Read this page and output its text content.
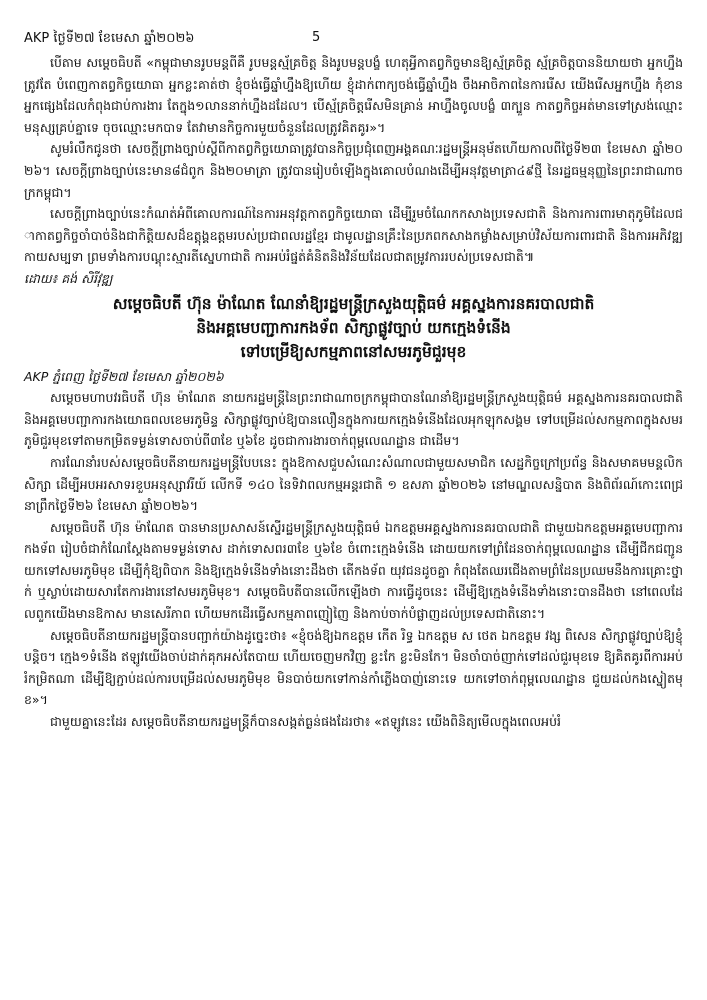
AKP ថ្ងៃទី២៧ ខែមេសា ឆ្នាំ២០២៦	5

បើតាម សម្តេចធិបតី «កម្ពុជាមានរូបមន្តពីគឺ រូបមន្តស្ម័គ្រចិត្ត និងរូបមន្តបង្ខំ ហេតុអ្វីកាតព្វកិច្ចមានឱ្យស្ម័គ្រចិត្ត ស្ម័គ្រចិត្តបាននិយាយថា អ្នកហ្នឹងត្រូវតែ បំពេញកាតព្វកិច្ចយោធា អ្នកខ្លះគាត់ថា ខ្ញុំចង់ធ្វើឆ្នាំហ្នឹងឱ្យហើយ ខ្ញុំដាក់ពាក្យចង់ធ្វើឆ្នាំហ្នឹង ចឹងអាចិភាពនៃការរើស យើងរើសអ្នកហ្នឹង កុំខានអ្នកផ្សេងដែលកំពុងជាប់ការងារ តែក្នុង១លាននាក់ហ្នឹងដដែល។ បើស្ម័គ្រចិត្តរើសមិនគ្រាន់ អាហ្នឹងចូលបង្ខំ ៣ក្បួន កាតព្វកិច្ចអត់មានទៅស្រង់ឈ្មោះមនុស្សគ្រប់គ្នាទេ ចុចឈ្មោះមកបាទ តែវាមានកិច្ចការមួយចំនួនដែលត្រូវគិតគូរ»។

សូមរំលឹកជូនថា សេចក្តីព្រាងច្បាប់ស្តីពីកាតព្វកិច្ចយោធាត្រូវបានកិច្ចប្រជុំពេញអង្គគណៈរដ្ឋមន្ត្រីអនុម័តហើយកាលពីថ្ងៃទី២៣ ខែមេសា ឆ្នាំ២០២៦។ សេចក្តីព្រាងច្បាប់នេះមាន៨ជំពូក និង២០មាត្រា ត្រូវបានរៀបចំឡើងក្នុងគោលបំណងដើម្បីអនុវត្តមាត្រា៤៩ថ្មី នៃរដ្ឋធម្មនុញ្ញនៃព្រះរាជាណាចក្រកម្ពុជា។

សេចក្តីព្រាងច្បាប់នេះកំណត់អំពីគោលការណ៍នៃការអនុវត្តកាតព្វកិច្ចយោធា ដើម្បីរួមចំណែកកសាងប្រទេសជាតិ និងការការពារមាតុភូមិដែលជាកាតព្វកិច្ចចាំបាច់និងជាកិត្តិយសដ៏ឧត្តុង្គឧត្តមរបស់ប្រជាពលរដ្ឋខ្មែរ ជាមូលដ្ឋានគ្រឹះនៃប្រភពកសាងកម្លាំងសម្រាប់វិស័យការពារជាតិ និងការអភិវឌ្ឍកាយសម្បទា ព្រមទាំងការបណ្តុះស្មារតីស្នេហាជាតិ ការអប់រំផ្នត់គំនិតនិងវិន័យដែលជាតម្រូវការរបស់ប្រទេសជាតិ៕

ដោយ៖ គង់ សិរីវុឌ្ឍ

សម្តេចធិបតី ហ៊ុន ម៉ាណែត ណែនាំឱ្យរដ្ឋមន្ត្រីក្រសួងយុត្តិធម៌ អគ្គស្នងការនគរបាលជាតិ
និងអគ្គមេបញ្ជាការកងទ័ព សិក្សាផ្លូវច្បាប់ យកក្មេងទំនើង
ទៅបម្រើឱ្យសកម្មភាពនៅសមរភូមិជួរមុខ

AKP ភ្នំពេញ ថ្ងៃទី២៧ ខែមេសា ឆ្នាំ២០២៦

សម្តេចមហាបវរធិបតី ហ៊ុន ម៉ាណែត នាយករដ្ឋមន្ត្រីនៃព្រះរាជាណាចក្រកម្ពុជាបានណែនាំឱ្យរដ្ឋមន្ត្រីក្រសួងយុត្តិធម៌ អគ្គស្នងការនគរបាលជាតិ និងអគ្គមេបញ្ជាការកងយោធពលខេមរភូមិន្ទ សិក្សាផ្លូវច្បាប់ឱ្យបានលឿនក្នុងការយកក្មេងទំនើងដែលអុកឡុកសង្គម ទៅបម្រើដល់សកម្មភាពក្នុងសមរភូមិជួរមុខទៅតាមកម្រិតទម្ងន់ទោសចាប់ពី៣ខែ ឬ៦ខែ ដូចជាការងារចាក់ពុម្ពលេណដ្ឋាន ជាដើម។

ការណែនាំរបស់សម្តេចធិបតីនាយករដ្ឋមន្ត្រីបែបនេះ ក្នុងឱកាសជួបសំណេះសំណាលជាមួយសមាជិក សេដ្ឋកិច្ចក្រៅប្រព័ន្ធ និងសមាគមមន្តលិកសិក្សា ដើម្បីអបអរសាទរខួបអនុស្សាវរីយ៍ លើកទី ១៤០ នៃទិវាពលកម្មអន្តរជាតិ ១ ឧសភា ឆ្នាំ២០២៦ នៅមណ្ឌលសន្និបាត និងពិព័រណ៍កោះពេជ្រ នាព្រឹកថ្ងៃទី២៦ ខែមេសា ឆ្នាំ២០២៦។

សម្តេចធិបតី ហ៊ុន ម៉ាណែត បានមានប្រសាសន៍ស្នើរដ្ឋមន្ត្រីក្រសួងយុត្តិធម៌ ឯកឧត្តមអគ្គស្នងការនគរបាលជាតិ ជាមួយឯកឧត្តមអគ្គមេបញ្ជាការកងទ័ព រៀបចំជាកំណែស្តែងតាមទម្ងន់ទោស ដាក់ទោសពរ៣ខែ ឬ៦ខែ ចំពោះក្មេងទំនើង ដោយយកទៅព្រំដែនចាក់ពុម្ពលេណដ្ឋាន ដើម្បីជីកជញ្ជូនយកទៅសមរភូមិមុខ ដើម្បីកុំឱ្យពិបាក និងឱ្យក្មេងទំនើងទាំងនោះដឹងថា តើកងទ័ព យុវជនដូចគ្នា កំពុងតែឈរជើងតាមព្រំដែនប្រឈមនឹងការគ្រោះថ្នាក់ ឬស្លាប់ដោយសារតែការងារនៅសមរភូមិមុខ។ សម្តេចធិបតីបានលើកឡើងថា ការធ្វើដូចនេះ ដើម្បីឱ្យក្មេងទំនើងទាំងនោះបានដឹងថា នៅពេលដែលពួកយើងមានឱកាស មានសេរីភាព ហើយមកដើរធ្វើសកម្មភាពញៀញៃ និងកាប់ចាក់បំផ្លាញដល់ប្រទេសជាតិនោះ។

សម្តេចធិបតីនាយករដ្ឋមន្ត្រីបានបញ្ជាក់យ៉ាងដូច្នេះថា៖ «ខ្ញុំចង់ឱ្យឯកឧត្តម កើត រិទ្ធ ឯកឧត្តម ស ថេត ឯកឧត្តម វង្ស ពិសេន សិក្សាផ្លូវច្បាប់ឱ្យខ្ញុំបន្តិច។ ក្មេង១ទំនើង ឥឡូវយើងចាប់ដាក់គុកអស់តែបាយ ហើយចេញមកវិញ ខ្លះកែ ខ្លះមិនកែ។ មិនចាំបាច់ញាក់ទៅដល់ជួរមុខទេ ឱ្យគិតគូរពីការអប់រំកម្រិតណា ដើម្បីឱ្យភ្ជាប់ដល់ការបម្រើដល់សមរភូមិមុខ មិនបាច់យកទៅកាន់កាំភ្លើងបាញ់នោះទេ យកទៅចាក់ពុម្ពលេណដ្ឋាន ជួយដល់កងស្នៀតមុខ»។

ជាមួយគ្នានេះដែរ សម្តេចធិបតីនាយករដ្ឋមន្ត្រីក៏បានសង្កត់ធ្ងន់ផងដែរថា៖ «ឥឡូវនេះ យើងពិនិត្យមើលក្នុងពេលអប់រំ
